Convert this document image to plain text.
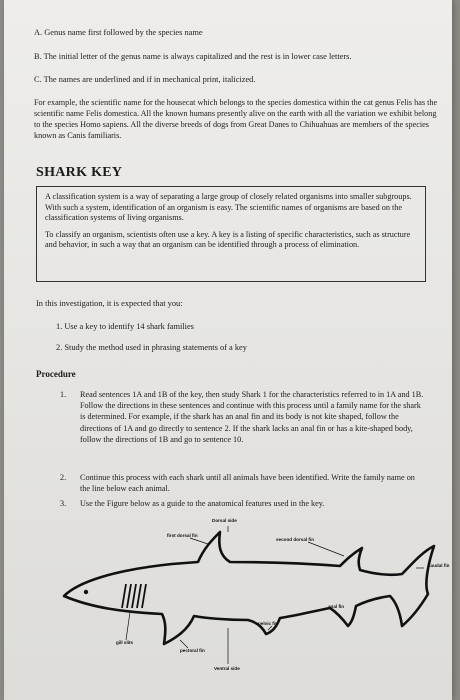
A. Genus name first followed by the species name
B. The initial letter of the genus name is always capitalized and the rest is in lower case letters.
C. The names are underlined and if in mechanical print, italicized.
For example, the scientific name for the housecat which belongs to the species domestica within the cat genus Felis has the scientific name Felis domestica. All the known humans presently alive on the earth with all the variation we exhibit belong to the species Homo sapiens. All the diverse breeds of dogs from Great Danes to Chihuahuas are members of the species known as Canis familiaris.
SHARK KEY

A classification system is a way of separating a large group of closely related organisms into smaller subgroups. With such a system, identification of an organism is easy. The scientific names of organisms are based on the classification systems of living organisms.

To classify an organism, scientists often use a key. A key is a listing of specific characteristics, such as structure and behavior, in such a way that an organism can be identified through a process of elimination.

In this investigation, it is expected that you:
1. Use a key to identify 14 shark families
2. Study the method used in phrasing statements of a key
Procedure
1. Read sentences 1A and 1B of the key, then study Shark 1 for the characteristics referred to in 1A and 1B. Follow the directions in these sentences and continue with this process until a family name for the shark is determined. For example, if the shark has an anal fin and its body is not kite shaped, follow the directions of 1A and go directly to sentence 2. If the shark lacks an anal fin or has a kite-shaped body, follow the directions of 1B and go to sentence 10.
2. Continue this process with each shark until all animals have been identified. Write the family name on the line below each animal.
3. Use the Figure below as a guide to the anatomical features used in the key.
Dorsal side
first dorsal fin
second dorsal fin
caudal fin
anal fin
pelvic fin
gill slits
pectoral fin
Ventral side
